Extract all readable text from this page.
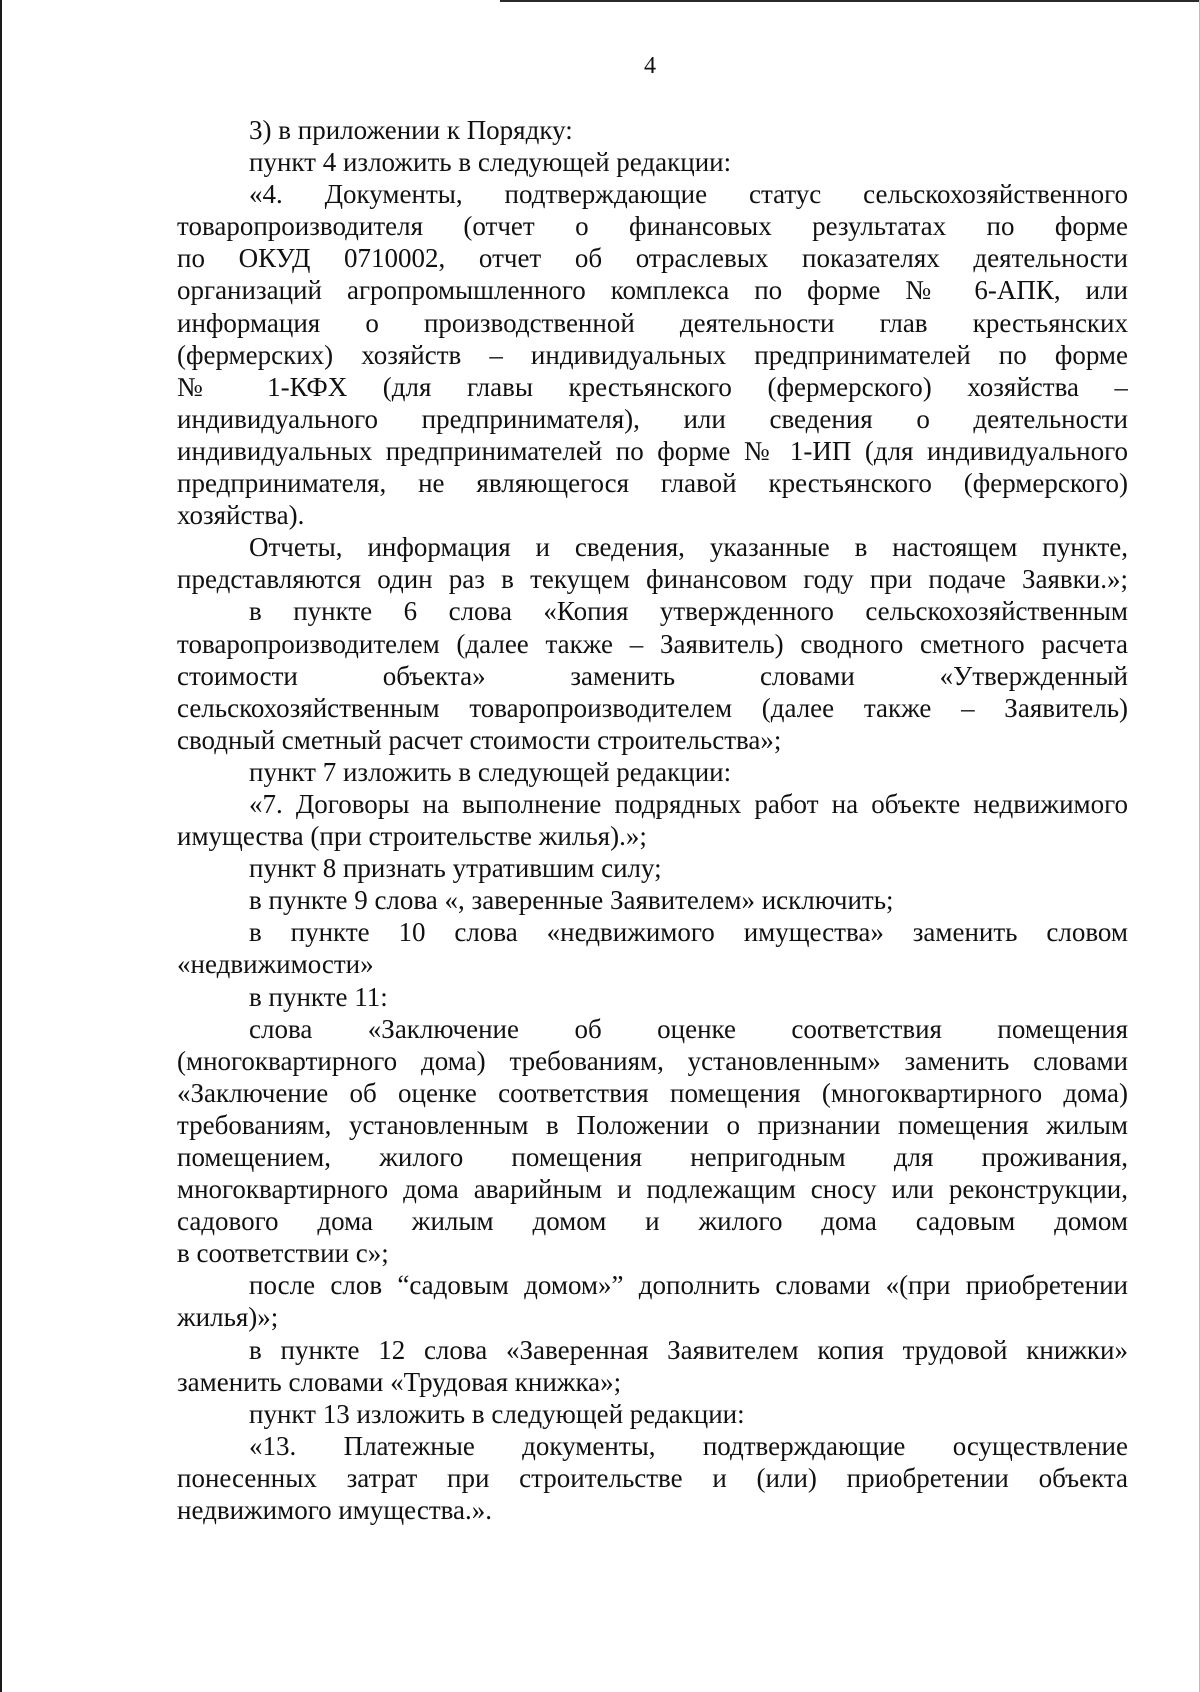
4
3) в приложении к Порядку:
пункт 4 изложить в следующей редакции:
«4. Документы, подтверждающие статус сельскохозяйственного
товаропроизводителя (отчет о финансовых результатах по форме
по ОКУД 0710002, отчет об отраслевых показателях деятельности
организаций агропромышленного комплекса по форме № 6-АПК, или
информация о производственной деятельности глав крестьянских
(фермерских) хозяйств – индивидуальных предпринимателей по форме
№ 1-КФХ (для главы крестьянского (фермерского) хозяйства –
индивидуального предпринимателя), или сведения о деятельности
индивидуальных предпринимателей по форме № 1-ИП (для индивидуального
предпринимателя, не являющегося главой крестьянского (фермерского)
хозяйства).
Отчеты, информация и сведения, указанные в настоящем пункте,
представляются один раз в текущем финансовом году при подаче Заявки.»;
в пункте 6 слова «Копия утвержденного сельскохозяйственным
товаропроизводителем (далее также – Заявитель) сводного сметного расчета
стоимости объекта» заменить словами «Утвержденный
сельскохозяйственным товаропроизводителем (далее также – Заявитель)
сводный сметный расчет стоимости строительства»;
пункт 7 изложить в следующей редакции:
«7. Договоры на выполнение подрядных работ на объекте недвижимого
имущества (при строительстве жилья).»;
пункт 8 признать утратившим силу;
в пункте 9 слова «, заверенные Заявителем» исключить;
в пункте 10 слова «недвижимого имущества» заменить словом
«недвижимости»
в пункте 11:
слова «Заключение об оценке соответствия помещения
(многоквартирного дома) требованиям, установленным» заменить словами
«Заключение об оценке соответствия помещения (многоквартирного дома)
требованиям, установленным в Положении о признании помещения жилым
помещением, жилого помещения непригодным для проживания,
многоквартирного дома аварийным и подлежащим сносу или реконструкции,
садового дома жилым домом и жилого дома садовым домом
в соответствии с»;
после слов “садовым домом»” дополнить словами «(при приобретении
жилья)»;
в пункте 12 слова «Заверенная Заявителем копия трудовой книжки»
заменить словами «Трудовая книжка»;
пункт 13 изложить в следующей редакции:
«13. Платежные документы, подтверждающие осуществление
понесенных затрат при строительстве и (или) приобретении объекта
недвижимого имущества.».
